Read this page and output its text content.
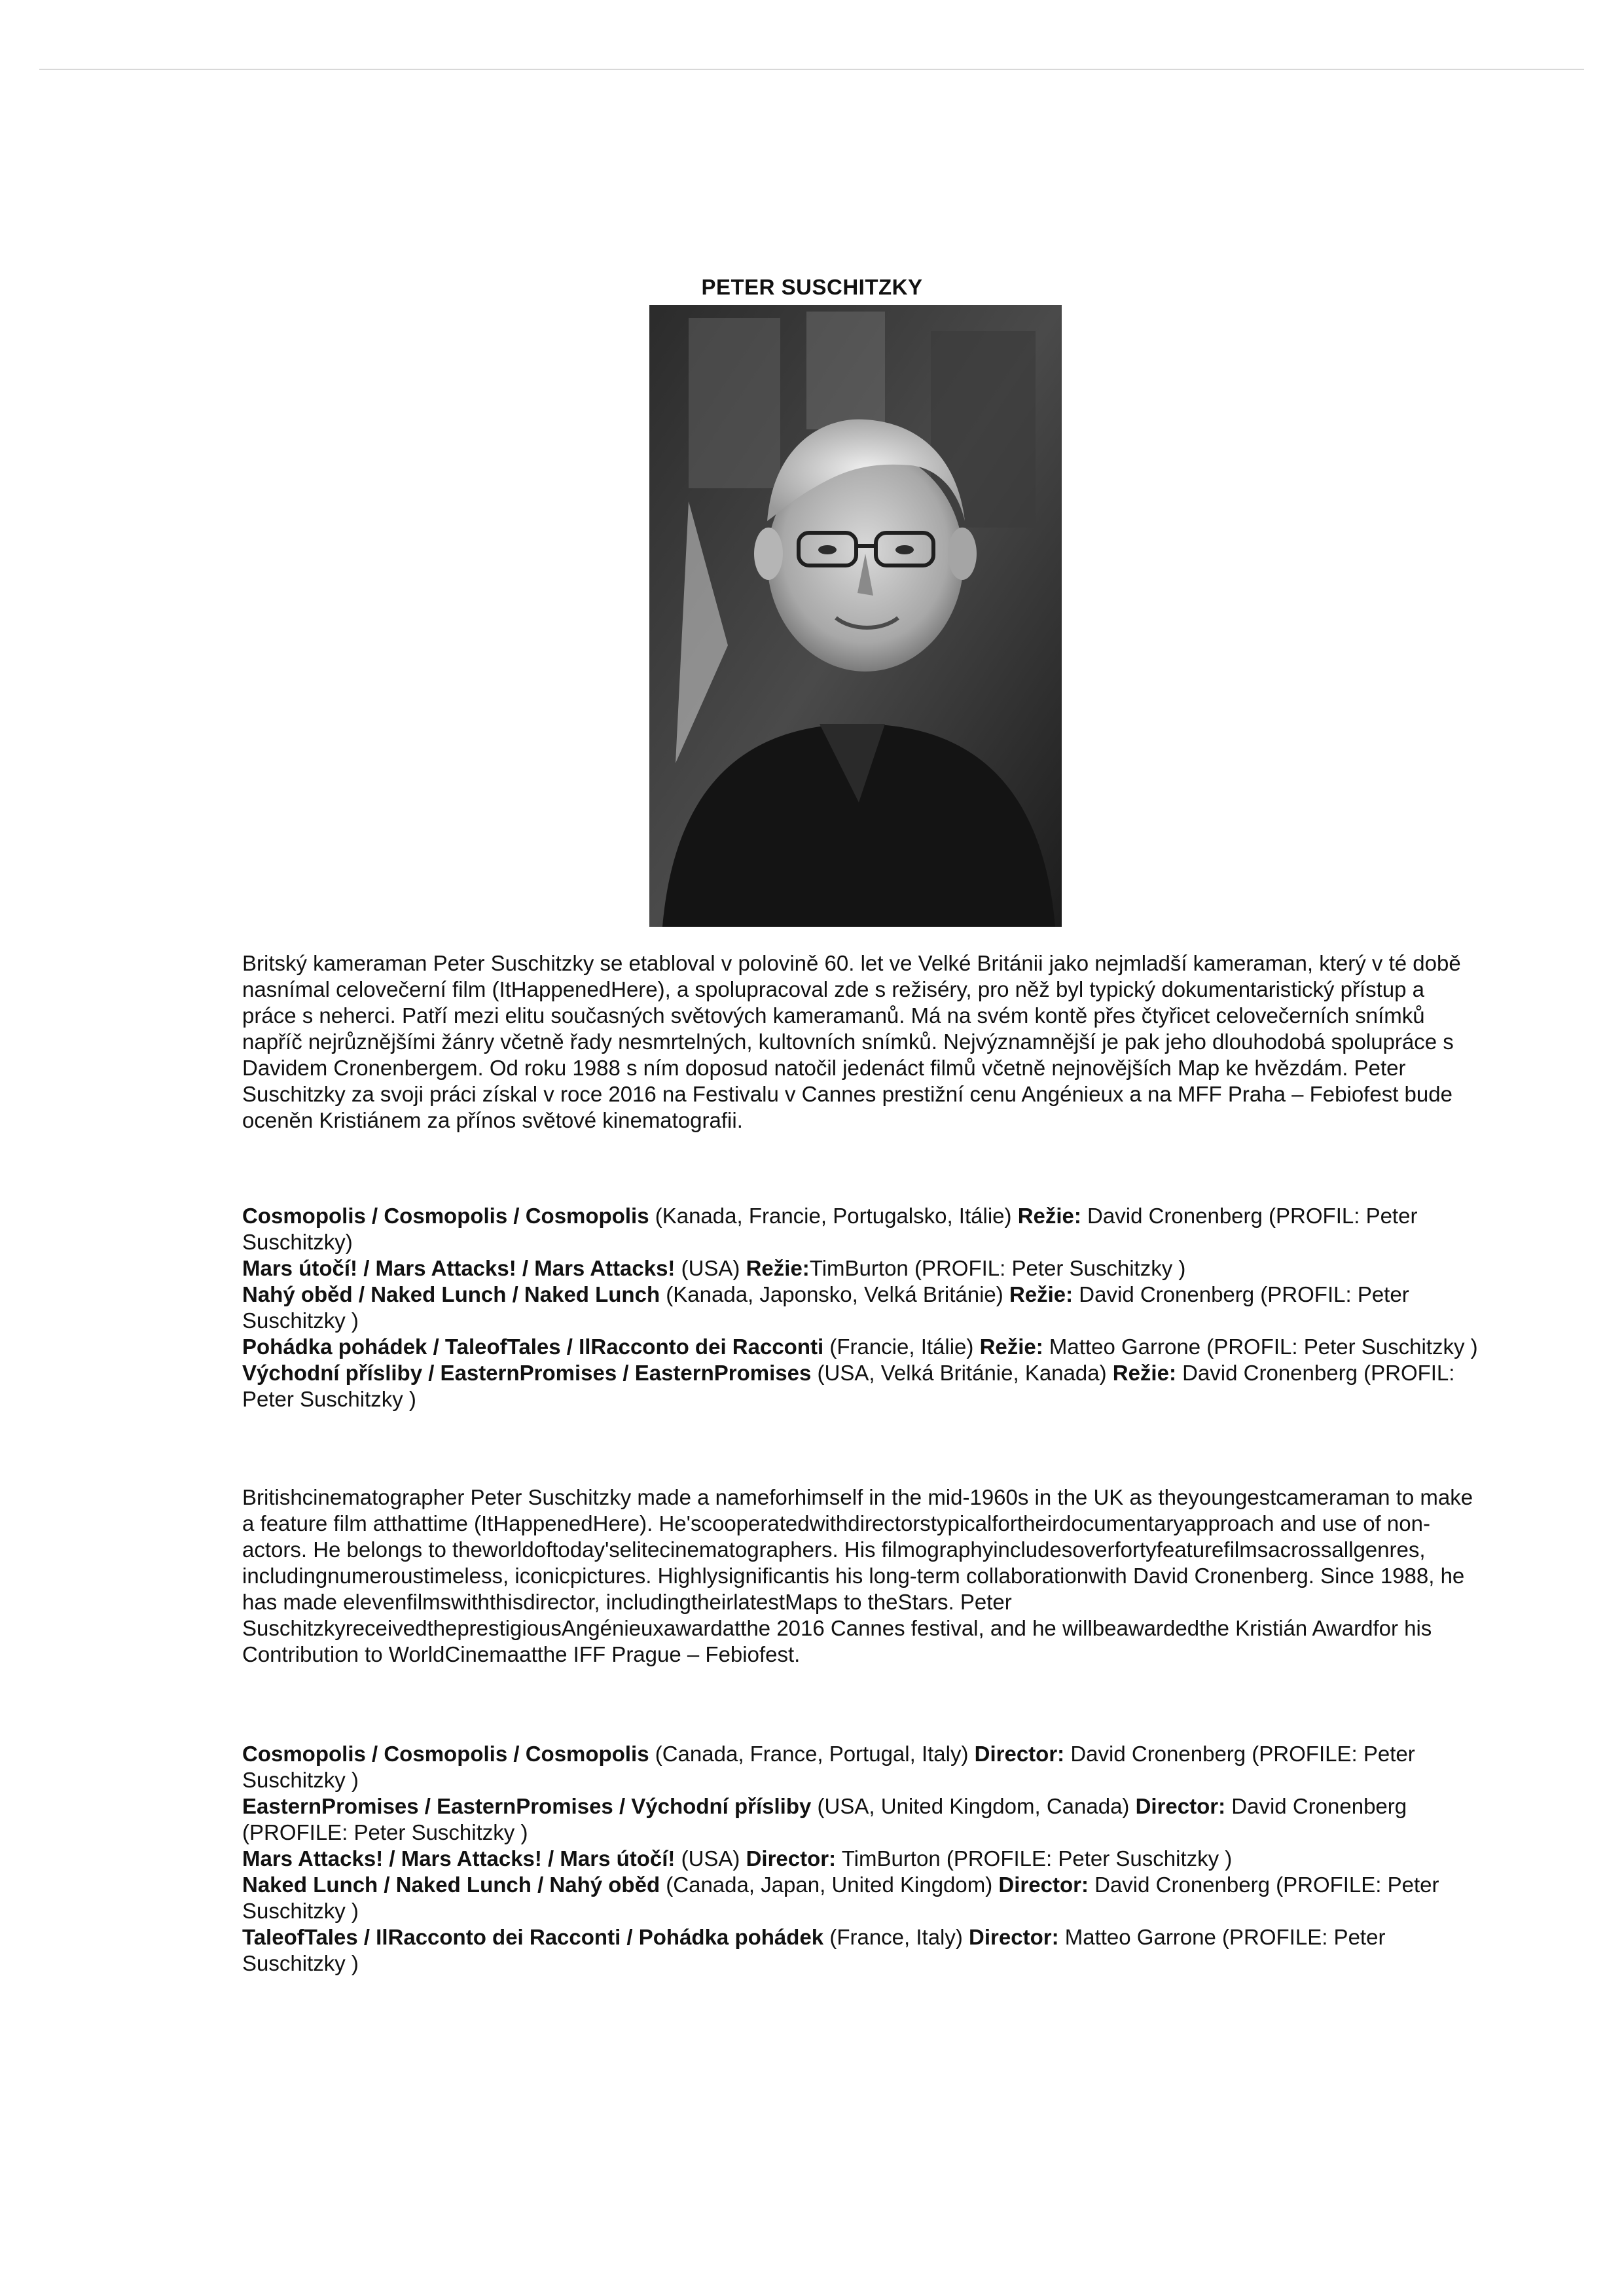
PETER SUSCHITZKY

Britský kameraman Peter Suschitzky se etabloval v polovině 60. let ve Velké Británii jako nejmladší kameraman, který v té době nasnímal celovečerní film (ItHappenedHere), a spolupracoval zde s režiséry, pro něž byl typický dokumentaristický přístup a práce s neherci. Patří mezi elitu současných světových kameramanů. Má na svém kontě přes čtyřicet celovečerních snímků napříč nejrůznějšími žánry včetně řady nesmrtelných, kultovních snímků. Nejvýznamnější je pak jeho dlouhodobá spolupráce s Davidem Cronenbergem. Od roku 1988 s ním doposud natočil jedenáct filmů včetně nejnovějších Map ke hvězdám. Peter Suschitzky za svoji práci získal v roce 2016 na Festivalu v Cannes prestižní cenu Angénieux a na MFF Praha – Febiofest bude oceněn Kristiánem za přínos světové kinematografii.

Cosmopolis / Cosmopolis / Cosmopolis (Kanada, Francie, Portugalsko, Itálie) Režie: David Cronenberg (PROFIL: Peter Suschitzky)

Mars útočí! / Mars Attacks! / Mars Attacks! (USA) Režie:TimBurton (PROFIL: Peter Suschitzky )

Nahý oběd / Naked Lunch / Naked Lunch (Kanada, Japonsko, Velká Británie) Režie: David Cronenberg (PROFIL: Peter Suschitzky )

Pohádka pohádek / TaleofTales / IlRacconto dei Racconti (Francie, Itálie) Režie: Matteo Garrone (PROFIL: Peter Suschitzky )

Východní přísliby / EasternPromises / EasternPromises (USA, Velká Británie, Kanada) Režie: David Cronenberg (PROFIL: Peter Suschitzky )

Britishcinematographer Peter Suschitzky made a nameforhimself in the mid-1960s in the UK as theyoungestcameraman to make a feature film atthattime (ItHappenedHere). He'scooperatedwithdirectorstypicalfortheirdocumentaryapproach and use of non-actors. He belongs to theworldoftoday'selitecinematographers. His filmographyincludesoverfortyfeaturefilmsacrossallgenres, includingnumeroustimeless, iconicpictures. Highlysignificantis his long-term collaborationwith David Cronenberg. Since 1988, he has made elevenfilmswiththisdirector, includingtheirlatestMaps to theStars. Peter SuschitzkyreceivedtheprestigiousAngénieuxawardatthe 2016 Cannes festival, and he willbeawardedthe Kristián Awardfor his Contribution to WorldCinemaatthe IFF Prague – Febiofest.

Cosmopolis / Cosmopolis / Cosmopolis (Canada, France, Portugal, Italy) Director: David Cronenberg (PROFILE: Peter Suschitzky )

EasternPromises / EasternPromises / Východní přísliby (USA, United Kingdom, Canada) Director: David Cronenberg (PROFILE: Peter Suschitzky )

Mars Attacks! / Mars Attacks! / Mars útočí! (USA) Director: TimBurton (PROFILE: Peter Suschitzky )

Naked Lunch / Naked Lunch / Nahý oběd (Canada, Japan, United Kingdom) Director: David Cronenberg (PROFILE: Peter Suschitzky )

TaleofTales / IlRacconto dei Racconti / Pohádka pohádek (France, Italy) Director: Matteo Garrone (PROFILE: Peter Suschitzky )
